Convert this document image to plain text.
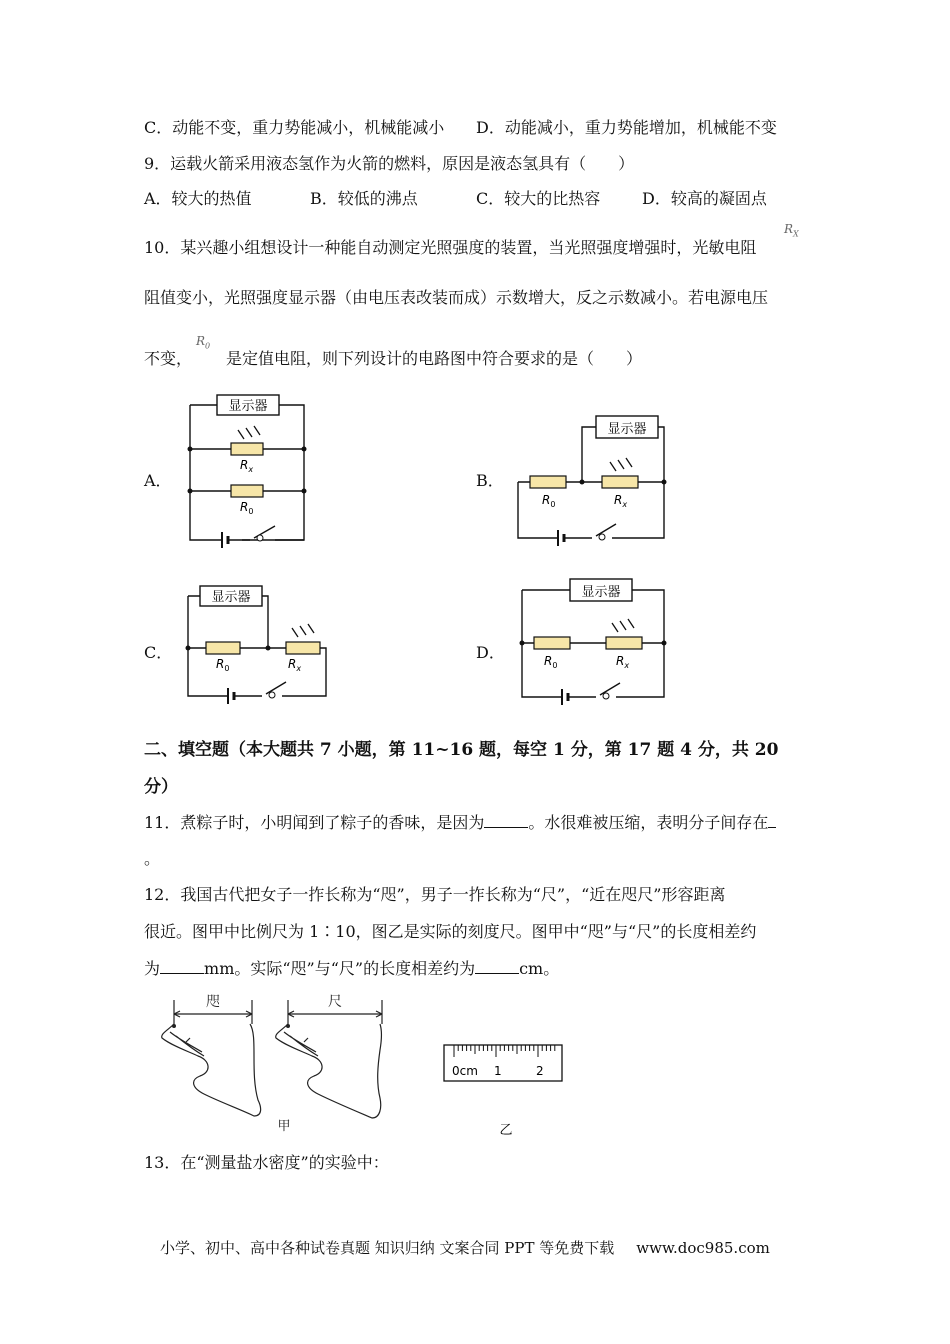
C．动能不变，重力势能减小，机械能减小 D．动能减小，重力势能增加，机械能不变
9．运载火箭采用液态氢作为火箭的燃料，原因是液态氢具有（　　）
A．较大的热值	B．较低的沸点	C．较大的比热容	D．较高的凝固点
10．某兴趣小组想设计一种能自动测定光照强度的装置，当光照强度增强时，光敏电阻
$R_X$
阻值变小，光照强度显示器（由电压表改装而成）示数增大，反之示数减小。若电源电压
不变， 是定值电阻，则下列设计的电路图中符合要求的是（　　）
$R_0$
A．	B．
C．	D．
显示器
$R_x$
$R_0$
显示器
$R_0$	$R_x$
显示器
$R_0$	$R_x$
显示器
$R_0$	$R_x$
二、填空题（本大题共 7 小题，第 11~16 题，每空 1 分，第 17 题 4 分，共 20
分）
11．煮粽子时，小明闻到了粽子的香味，是因为	。水很难被压缩，表明分子间存在
。
12．我国古代把女子一拃长称为“咫”，男子一拃长称为“尺”，“近在咫尺”形容距离
很近。图甲中比例尺为 1∶10，图乙是实际的刻度尺。图甲中“咫”与“尺”的长度相差约
为	mm。实际“咫”与“尺”的长度相差约为	cm。
咫	尺
甲
0cm 1	2
乙
13．在“测量盐水密度”的实验中：
小学、初中、高中各种试卷真题 知识归纳 文案合同 PPT 等免费下载 www.doc985.com
